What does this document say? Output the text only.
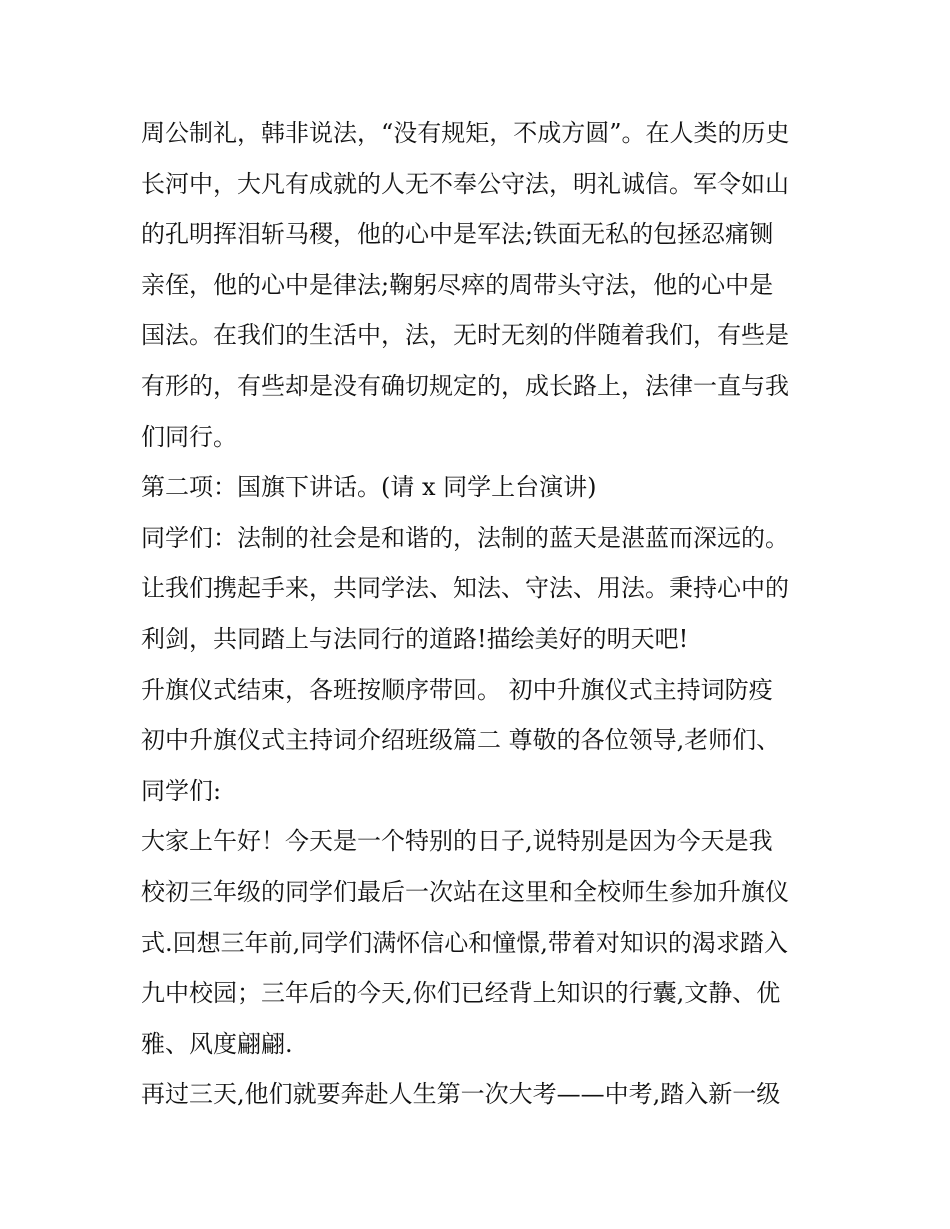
周公制礼，韩非说法，“没有规矩，不成方圆”。在人类的历史
长河中，大凡有成就的人无不奉公守法，明礼诚信。军令如山
的孔明挥泪斩马稷，他的心中是军法;铁面无私的包拯忍痛铡
亲侄，他的心中是律法;鞠躬尽瘁的周带头守法，他的心中是
国法。在我们的生活中，法，无时无刻的伴随着我们，有些是
有形的，有些却是没有确切规定的，成长路上，法律一直与我
们同行。
第二项：国旗下讲话。(请 x 同学上台演讲)
同学们：法制的社会是和谐的，法制的蓝天是湛蓝而深远的。
让我们携起手来，共同学法、知法、守法、用法。秉持心中的
利剑，共同踏上与法同行的道路!描绘美好的明天吧!
升旗仪式结束，各班按顺序带回。 初中升旗仪式主持词防疫
初中升旗仪式主持词介绍班级篇二 尊敬的各位领导,老师们、
同学们:
大家上午好！今天是一个特别的日子,说特别是因为今天是我
校初三年级的同学们最后一次站在这里和全校师生参加升旗仪
式.回想三年前,同学们满怀信心和憧憬,带着对知识的渴求踏入
九中校园；三年后的今天,你们已经背上知识的行囊,文静、优
雅、风度翩翩.
再过三天,他们就要奔赴人生第一次大考——中考,踏入新一级
